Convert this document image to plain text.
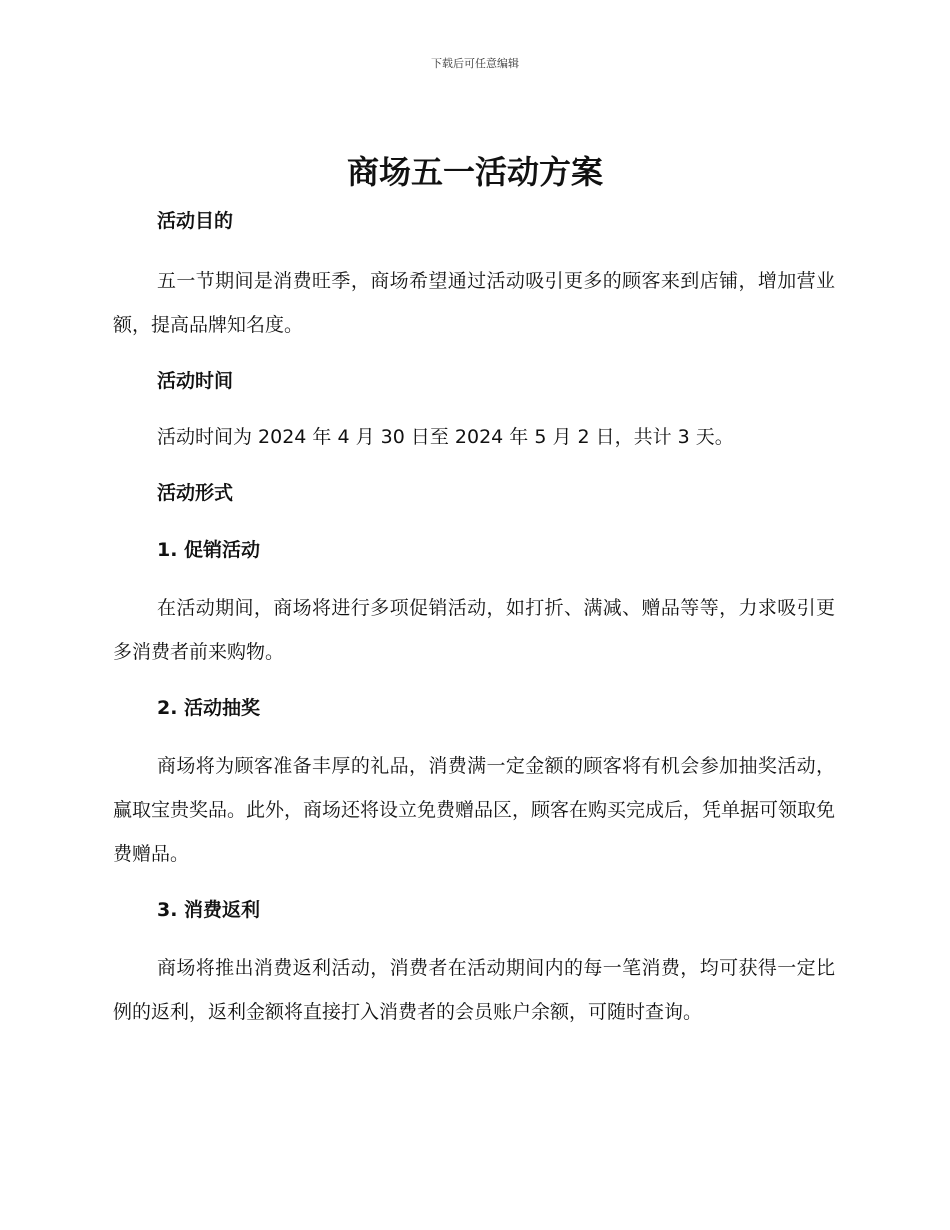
下载后可任意编辑
商场五一活动方案
活动目的

五一节期间是消费旺季，商场希望通过活动吸引更多的顾客来到店铺，增加营业额，提高品牌知名度。

活动时间

活动时间为 2024 年 4 月 30 日至 2024 年 5 月 2 日，共计 3 天。

活动形式
1. 促销活动

在活动期间，商场将进行多项促销活动，如打折、满减、赠品等等，力求吸引更多消费者前来购物。

2. 活动抽奖

商场将为顾客准备丰厚的礼品，消费满一定金额的顾客将有机会参加抽奖活动，赢取宝贵奖品。此外，商场还将设立免费赠品区，顾客在购买完成后，凭单据可领取免费赠品。

3. 消费返利

商场将推出消费返利活动，消费者在活动期间内的每一笔消费，均可获得一定比例的返利，返利金额将直接打入消费者的会员账户余额，可随时查询。
